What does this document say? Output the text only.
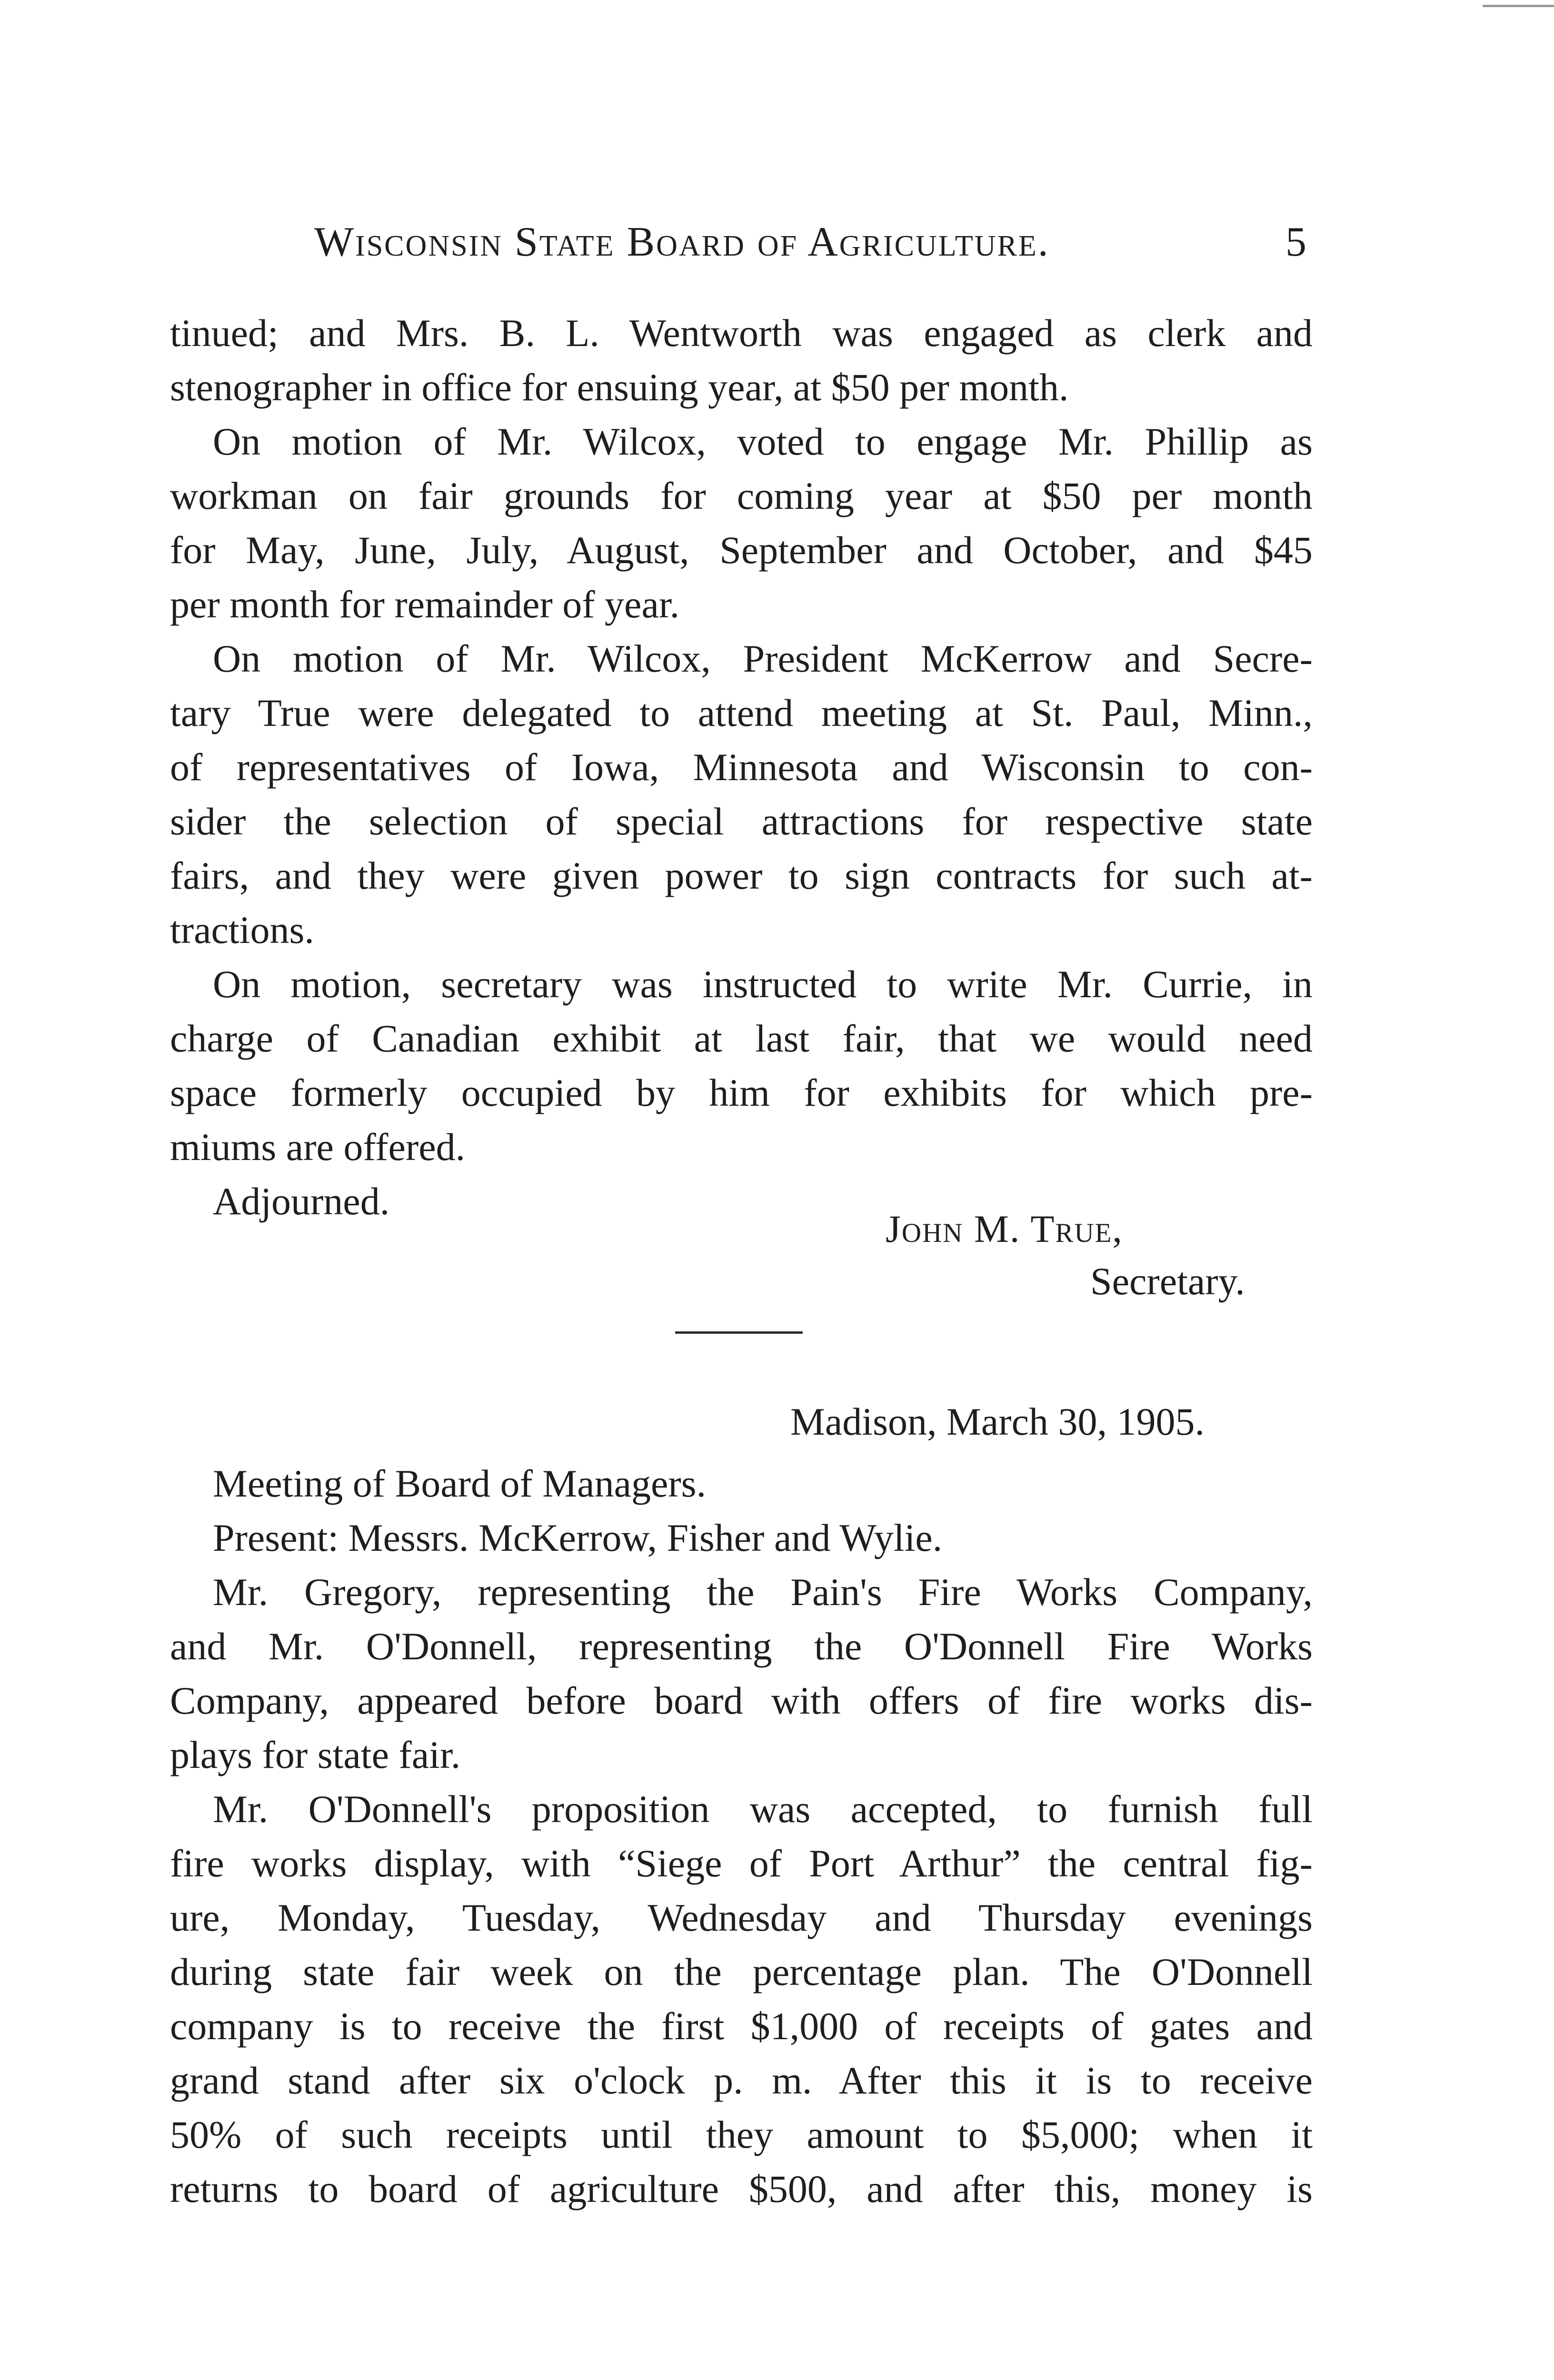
Wisconsin State Board of Agriculture.	5
tinued; and Mrs. B. L. Wentworth was engaged as clerk and
stenographer in office for ensuing year, at $50 per month.
On motion of Mr. Wilcox, voted to engage Mr. Phillip as
workman on fair grounds for coming year at $50 per month
for May, June, July, August, September and October, and $45
per month for remainder of year.
On motion of Mr. Wilcox, President McKerrow and Secre-
tary True were delegated to attend meeting at St. Paul, Minn.,
of representatives of Iowa, Minnesota and Wisconsin to con-
sider the selection of special attractions for respective state
fairs, and they were given power to sign contracts for such at-
tractions.
On motion, secretary was instructed to write Mr. Currie, in
charge of Canadian exhibit at last fair, that we would need
space formerly occupied by him for exhibits for which pre-
miums are offered.
Adjourned.
John M. True,
Secretary.
Madison, March 30, 1905.
Meeting of Board of Managers.
Present: Messrs. McKerrow, Fisher and Wylie.
Mr. Gregory, representing the Pain's Fire Works Company,
and Mr. O'Donnell, representing the O'Donnell Fire Works
Company, appeared before board with offers of fire works dis-
plays for state fair.
Mr. O'Donnell's proposition was accepted, to furnish full
fire works display, with “Siege of Port Arthur” the central fig-
ure, Monday, Tuesday, Wednesday and Thursday evenings
during state fair week on the percentage plan. The O'Donnell
company is to receive the first $1,000 of receipts of gates and
grand stand after six o'clock p. m. After this it is to receive
50% of such receipts until they amount to $5,000; when it
returns to board of agriculture $500, and after this, money is
